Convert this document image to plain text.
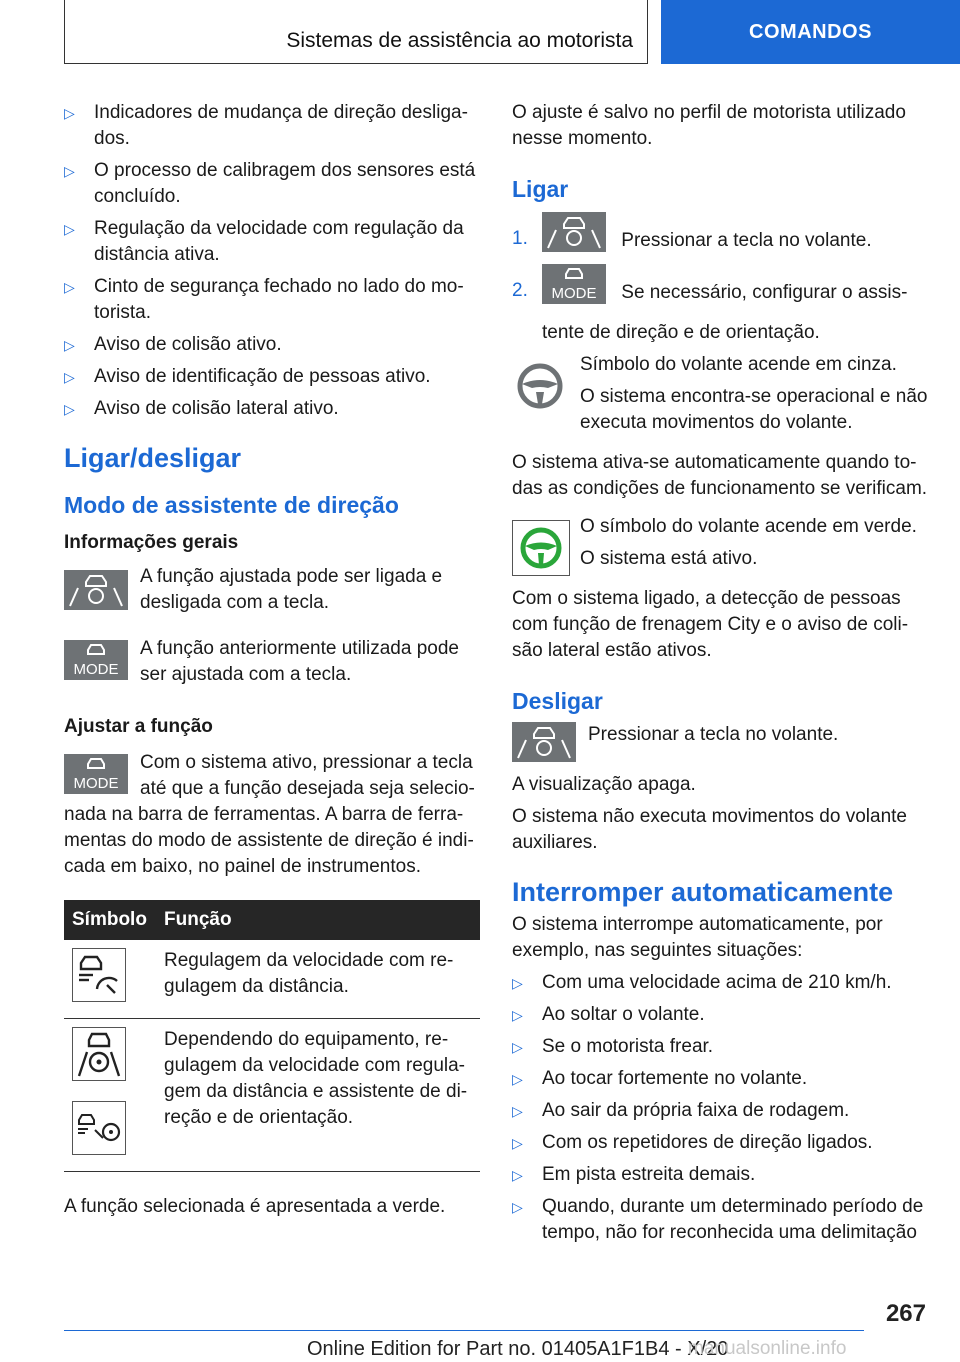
Sistemas de assistência ao motorista	COMANDOS
▷	Indicadores de mudança de direção desliga-dos.
▷	O processo de calibragem dos sensores está concluído.
▷	Regulação da velocidade com regulação da distância ativa.
▷	Cinto de segurança fechado no lado do mo-torista.
▷	Aviso de colisão ativo.
▷	Aviso de identificação de pessoas ativo.
▷	Aviso de colisão lateral ativo.
Ligar/desligar
Modo de assistente de direção
Informações gerais

A função ajustada pode ser ligada e desligada com a tecla.

MODE

A função anteriormente utilizada pode ser ajustada com a tecla.

Ajustar a função
MODE

Com o sistema ativo, pressionar a tecla até que a função desejada seja selecio-nada na barra de ferramentas. A barra de ferra-mentas do modo de assistente de direção é indi-cada em baixo, no painel de instrumentos.

Símbolo	Função

	Regulagem da velocidade com re-gulagem da distância.

	Dependendo do equipamento, re-gulagem da velocidade com regula-gem da distância e assistente de di-reção e de orientação.

A função selecionada é apresentada a verde.

O ajuste é salvo no perfil de motorista utilizado nesse momento.

Ligar
1.	Pressionar a tecla no volante.
2. MODE Se necessário, configurar o assis-tente de direção e de orientação.

Símbolo do volante acende em cinza.

O sistema encontra-se operacional e não executa movimentos do volante.

O sistema ativa-se automaticamente quando to-das as condições de funcionamento se verificam.

O símbolo do volante acende em verde.

O sistema está ativo.

Com o sistema ligado, a detecção de pessoas com função de frenagem City e o aviso de coli-são lateral estão ativos.

Desligar

Pressionar a tecla no volante.

A visualização apaga.

O sistema não executa movimentos do volante auxiliares.

Interromper automaticamente

O sistema interrompe automaticamente, por exemplo, nas seguintes situações:

▷	Com uma velocidade acima de 210 km/h.
▷	Ao soltar o volante.
▷	Se o motorista frear.
▷	Ao tocar fortemente no volante.
▷	Ao sair da própria faixa de rodagem.
▷	Com os repetidores de direção ligados.
▷	Em pista estreita demais.
▷	Quando, durante um determinado período de tempo, não for reconhecida uma delimitação
267
Online Edition for Part no. 01405A1F1B4 - X/20
manualsonline.info
